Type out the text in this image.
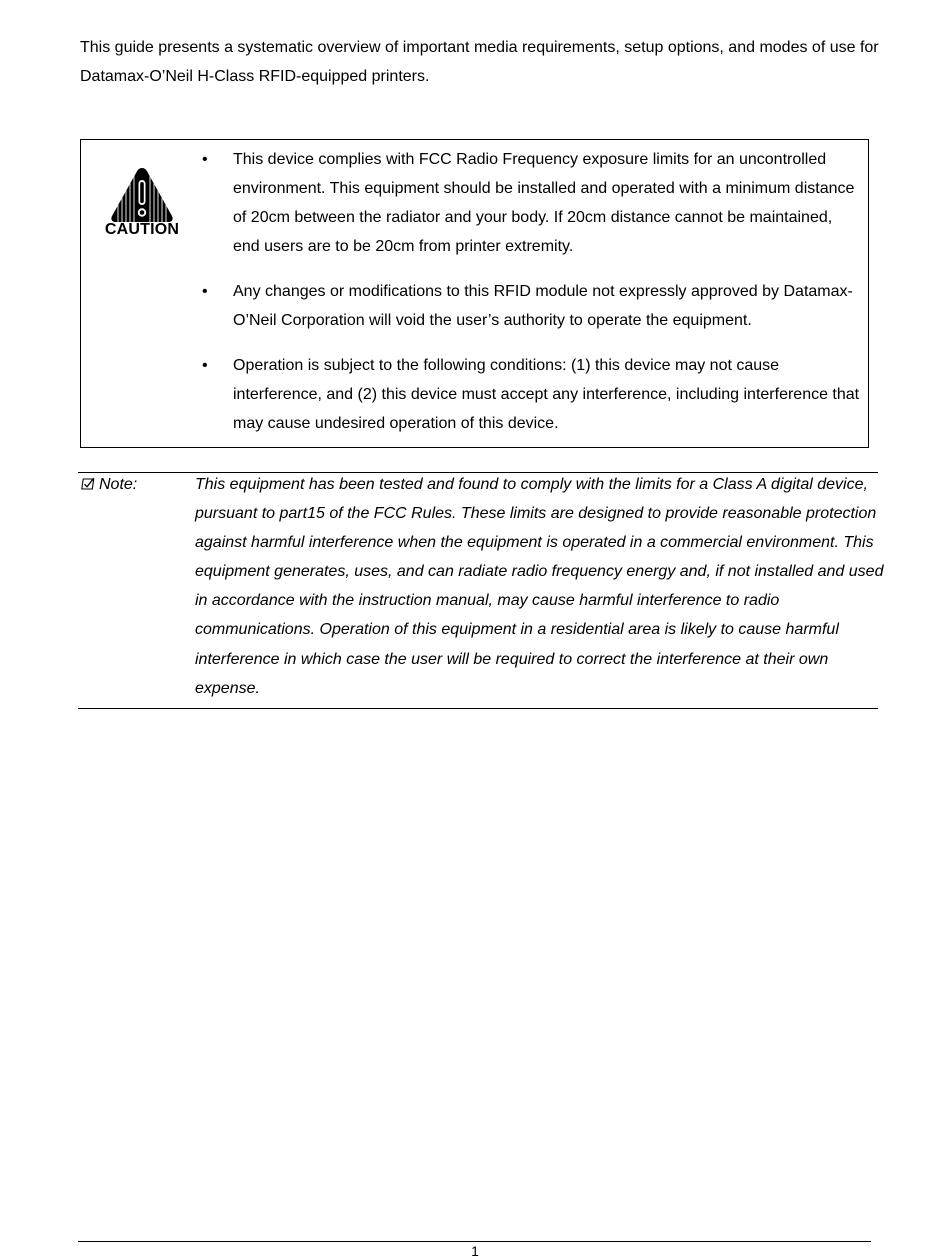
This guide presents a systematic overview of important media requirements, setup options, and modes of use for Datamax-O’Neil H-Class RFID-equipped printers.

CAUTION
• This device complies with FCC Radio Frequency exposure limits for an uncontrolled environment. This equipment should be installed and operated with a minimum distance of 20cm between the radiator and your body. If 20cm distance cannot be maintained, end users are to be 20cm from printer extremity.
• Any changes or modifications to this RFID module not expressly approved by Datamax-O’Neil Corporation will void the user’s authority to operate the equipment.
• Operation is subject to the following conditions: (1) this device may not cause interference, and (2) this device must accept any interference, including interference that may cause undesired operation of this device.
Note:	This equipment has been tested and found to comply with the limits for a Class A digital device, pursuant to part15 of the FCC Rules. These limits are designed to provide reasonable protection against harmful interference when the equipment is operated in a commercial environment. This equipment generates, uses, and can radiate radio frequency energy and, if not installed and used in accordance with the instruction manual, may cause harmful interference to radio communications. Operation of this equipment in a residential area is likely to cause harmful interference in which case the user will be required to correct the interference at their own expense.

1
